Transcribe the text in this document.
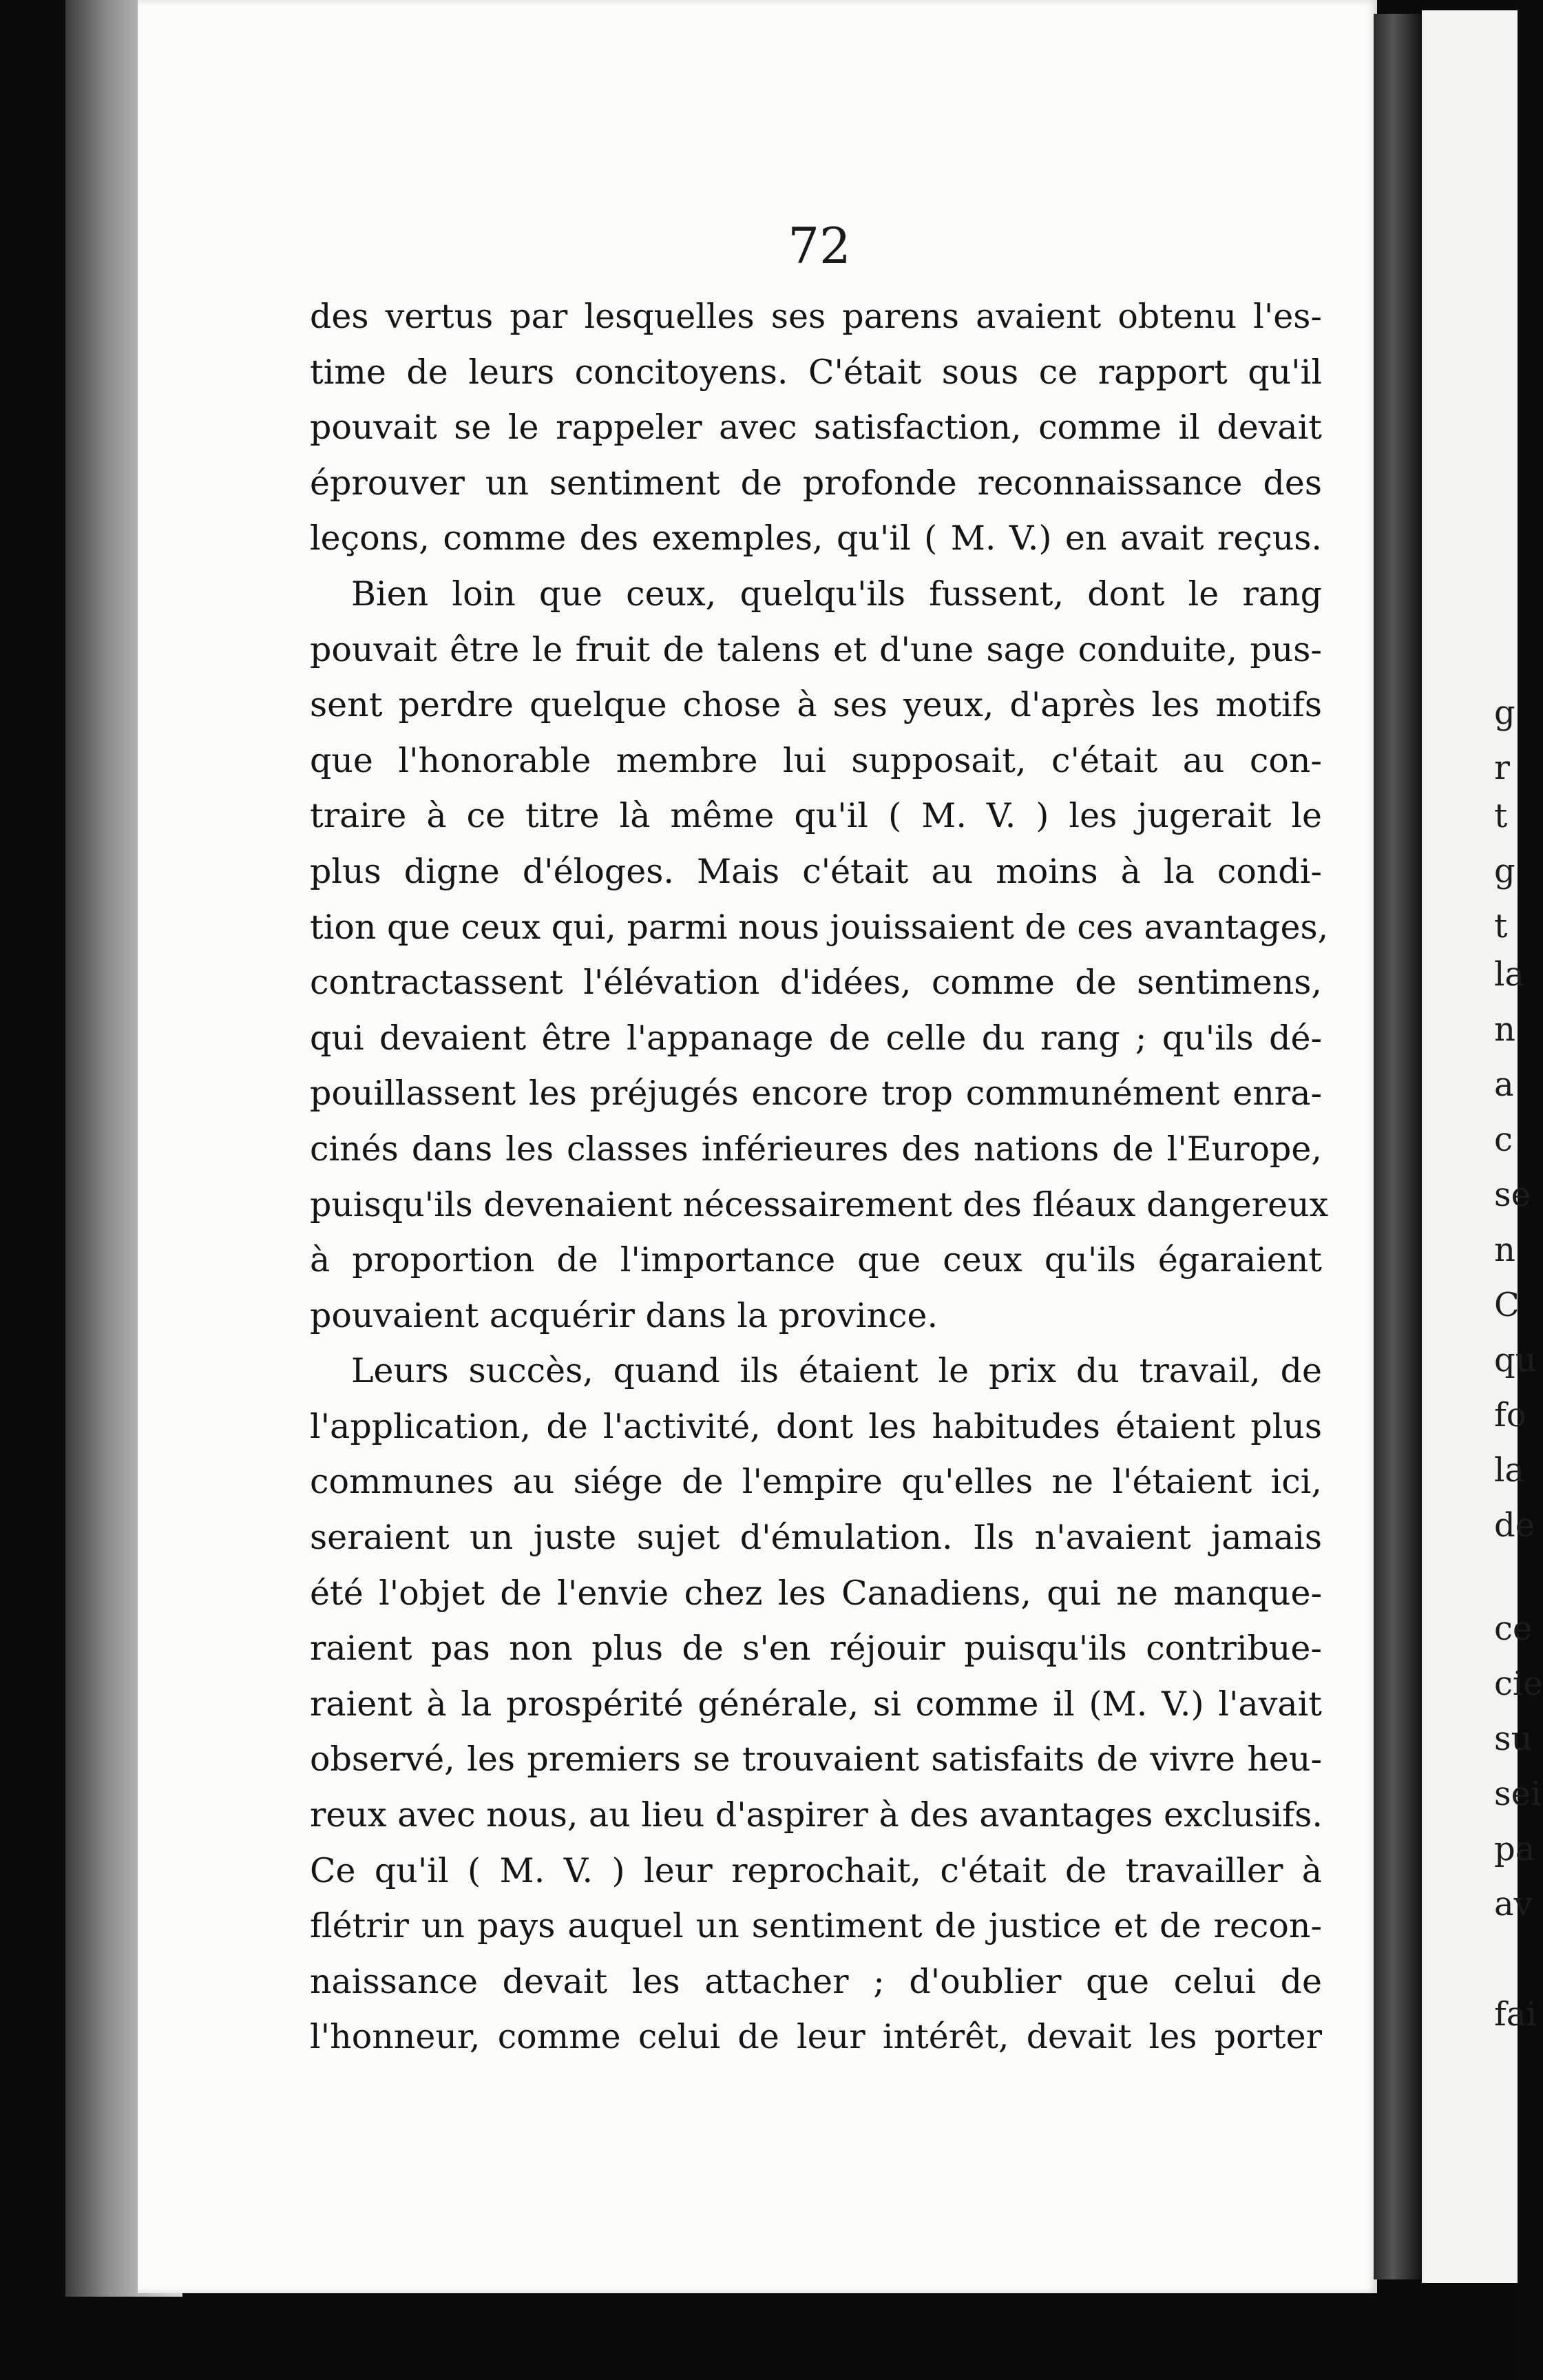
72
des vertus par lesquelles ses parens avaient obtenu l'es-
time de leurs concitoyens. C'était sous ce rapport qu'il
pouvait se le rappeler avec satisfaction, comme il devait
éprouver un sentiment de profonde reconnaissance des
leçons, comme des exemples, qu'il ( M. V.) en avait reçus.
Bien loin que ceux, quelqu'ils fussent, dont le rang
pouvait être le fruit de talens et d'une sage conduite, pus-
sent perdre quelque chose à ses yeux, d'après les motifs
que l'honorable membre lui supposait, c'était au con-
traire à ce titre là même qu'il ( M. V. ) les jugerait le
plus digne d'éloges. Mais c'était au moins à la condi-
tion que ceux qui, parmi nous jouissaient de ces avantages,
contractassent l'élévation d'idées, comme de sentimens,
qui devaient être l'appanage de celle du rang ; qu'ils dé-
pouillassent les préjugés encore trop communément enra-
cinés dans les classes inférieures des nations de l'Europe,
puisqu'ils devenaient nécessairement des fléaux dangereux
à proportion de l'importance que ceux qu'ils égaraient
pouvaient acquérir dans la province.
Leurs succès, quand ils étaient le prix du travail, de
l'application, de l'activité, dont les habitudes étaient plus
communes au siége de l'empire qu'elles ne l'étaient ici,
seraient un juste sujet d'émulation. Ils n'avaient jamais
été l'objet de l'envie chez les Canadiens, qui ne manque-
raient pas non plus de s'en réjouir puisqu'ils contribue-
raient à la prospérité générale, si comme il (M. V.) l'avait
observé, les premiers se trouvaient satisfaits de vivre heu-
reux avec nous, au lieu d'aspirer à des avantages exclusifs.
Ce qu'il ( M. V. ) leur reprochait, c'était de travailler à
flétrir un pays auquel un sentiment de justice et de recon-
naissance devait les attacher ; d'oublier que celui de
l'honneur, comme celui de leur intérêt, devait les porter
g
r
t
g
t
la
n
a
c
se
n
C
qu
fo
la
de
ce
cie
su
sei
pa
av
fai
